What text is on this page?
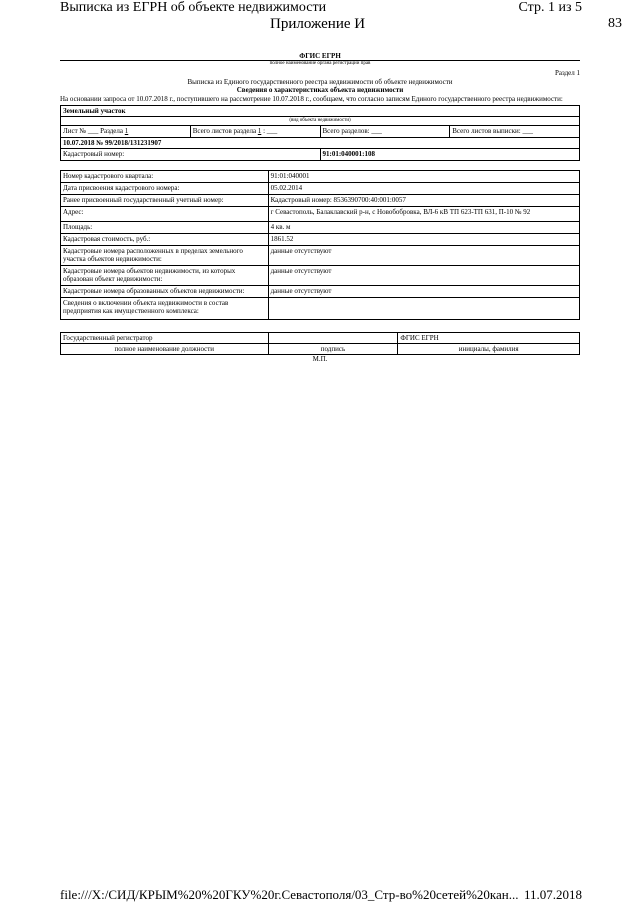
Выписка из ЕГРН об объекте недвижимости	Стр. 1 из 5
Приложение И	83
ФГИС ЕГРН
полное наименование органа регистрации прав
Раздел 1
Выписка из Единого государственного реестра недвижимости об объекте недвижимости
Сведения о характеристиках объекта недвижимости
На основании запроса от 10.07.2018 г., поступившего на рассмотрение 10.07.2018 г., сообщаем, что согласно записям Единого государственного реестра недвижимости:
Земельный участок			
(вид объекта недвижимости)			
Лист № ___ Раздела 1	Всего листов раздела 1 : ___	Всего разделов: ___	Всего листов выписки: ___
10.07.2018 № 99/2018/131231907			
Кадастровый номер:		91:01:040001:108	
Номер кадастрового квартала:	91:01:040001
Дата присвоения кадастрового номера:	05.02.2014
Ранее присвоенный государственный учетный номер:	Кадастровый номер: 8536390700:40:001:0057
Адрес:	г Севастополь, Балаклавский р-н, с Новобобровка, ВЛ-6 кВ ТП 623-ТП 631, П-10 № 92
Площадь:	4 кв. м
Кадастровая стоимость, руб.:	1861.52
Кадастровые номера расположенных в пределах земельного участка объектов недвижимости:	данные отсутствуют
Кадастровые номера объектов недвижимости, из которых образован объект недвижимости:	данные отсутствуют
Кадастровые номера образованных объектов недвижимости:	данные отсутствуют
Сведения о включении объекта недвижимости в состав предприятия как имущественного комплекса:	
Государственный регистратор		ФГИС ЕГРН
полное наименование должности	подпись	инициалы, фамилия
М.П.
file:///X:/СИД/КРЫМ%20%20ГКУ%20г.Севастополя/03_Стр-во%20сетей%20кан... 11.07.2018
